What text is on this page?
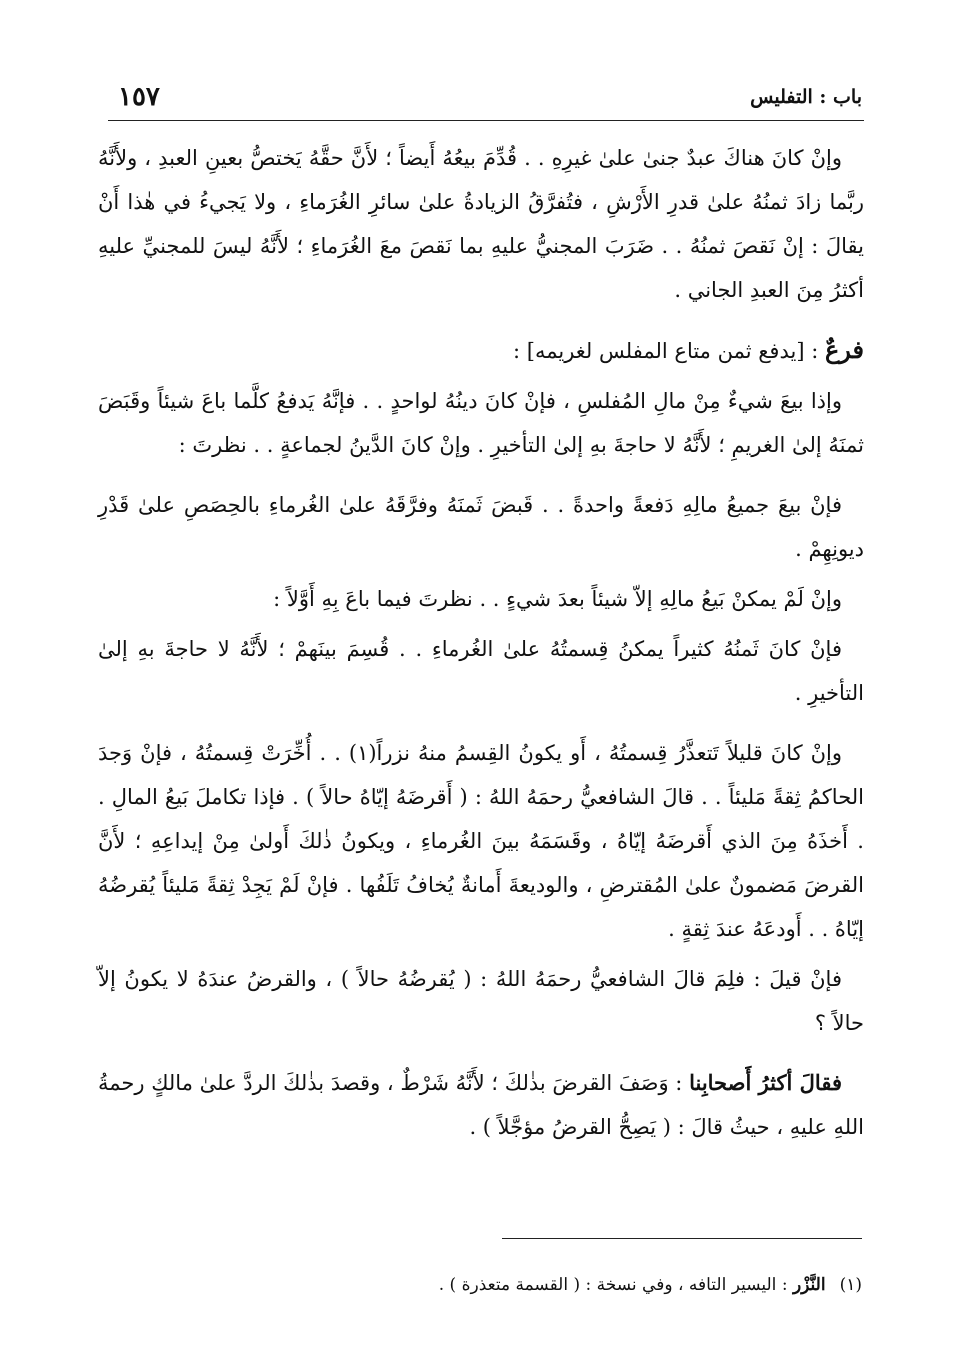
١٥٧	باب : التفليس

وإنْ كانَ هناكَ عبدٌ جنىٰ علىٰ غيرِهِ . . قُدِّمَ بيعُهُ أَيضاً ؛ لأَنَّ حقَّهُ يَختصُّ بعينِ العبدِ ، ولأَنَّهُ ربَّما زادَ ثمنُهُ علىٰ قدرِ الأَرْشِ ، فتُفرَّقُ الزيادةُ علىٰ سائرِ الغُرَماءِ ، ولا يَجيءُ في هٰذا أَنْ يقالَ : إنْ نَقصَ ثمنُهُ . . ضَرَبَ المجنيُّ عليهِ بما نَقصَ معَ الغُرَماءِ ؛ لأَنَّهُ ليسَ للمجنيِّ عليهِ أكثرُ مِنَ العبدِ الجاني .

فرعٌ : [يدفع ثمن متاع المفلس لغريمه] :

وإذا بيعَ شيءٌ مِنْ مالِ المُفلسِ ، فإنْ كانَ دينُهُ لواحدٍ . . فإنَّهُ يَدفعُ كلَّما باعَ شيئاً وقَبَضَ ثمنَهُ إلىٰ الغريمِ ؛ لأَنَّهُ لا حاجةَ بهِ إلىٰ التأخيرِ . وإنْ كانَ الدَّينُ لجماعةٍ . . نظرتَ :

فإنْ بيعَ جميعُ مالِهِ دَفعةً واحدةً . . قَبضَ ثَمنَهُ وفرَّقَهُ علىٰ الغُرماءِ بالحِصَصِ علىٰ قَدْرِ ديونِهِمْ .

وإنْ لَمْ يمكنْ بَيعُ مالِهِ إلاّ شيئاً بعدَ شيءٍ . . نظرتَ فيما باعَ بِهِ أَوَّلاً :

فإنْ كانَ ثَمنُهُ كثيراً يمكنُ قِسمتُهُ علىٰ الغُرماءِ . . قُسِمَ بينَهمْ ؛ لأَنَّهُ لا حاجةَ بهِ إلىٰ التأخيرِ .

وإنْ كانَ قليلاً تَتعذَّرُ قِسمتُهُ ، أَو يكونُ القِسمُ منهُ نزراً(١) . . أُخِّرَتْ قِسمتُهُ ، فإنْ وَجدَ الحاكمُ ثِقةً مَليئاً . . قالَ الشافعيُّ رحمَهُ اللهُ : ( أَقرضَهُ إيّاهُ حالاً ) . فإذا تكاملَ بَيعُ المالِ . . أَخذَهُ مِنَ الذي أَقرضَهُ إيّاهُ ، وقَسَمَهُ بينَ الغُرماءِ ، ويكونُ ذٰلكَ أَولىٰ مِنْ إيداعِهِ ؛ لأَنَّ القرضَ مَضمونٌ علىٰ المُقترضِ ، والوديعةَ أَمانةٌ يُخافُ تَلَفُها . فإنْ لَمْ يَجِدْ ثِقةً مَليئاً يُقرضُهُ إيّاهُ . . أَودعَهُ عندَ ثِقةٍ .

فإنْ قيلَ : فلِمَ قالَ الشافعيُّ رحمَهُ اللهُ : ( يُقرضُهُ حالاً ) ، والقرضُ عندَهُ لا يكونُ إلاّ حالاً ؟

فقالَ أكثرُ أَصحابِنا : وَصَفَ القرضَ بذٰلكَ ؛ لأَنَّهُ شَرْطٌ ، وقصدَ بذٰلكَ الردَّ علىٰ مالكٍ رحمةُ اللهِ عليهِ ، حيثُ قالَ : ( يَصِحُّ القرضُ مؤجَّلاً ) .

(١)النَّزْر : اليسير التافه ، وفي نسخة : ( القسمة متعذرة ) .
